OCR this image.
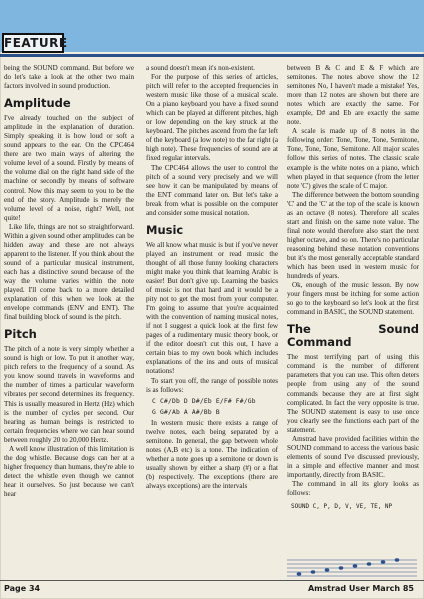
FEATURE

being the SOUND command. But before we do let's take a look at the other two main factors involved in sound production.

Amplitude

I've already touched on the subject of amplitude in the explanation of duration. Simply speaking it is how loud or soft a sound appears to the ear. On the CPC464 there are two main ways of altering the volume level of a sound. Firstly by means of the volume dial on the right hand side of the machine or secondly by means of software control. Now this may seem to you to be the end of the story. Amplitude is merely the volume level of a noise, right? Well, not quite!

Like life, things are not so straightforward. Within a given sound other amplitudes can be hidden away and these are not always apparent to the listener. If you think about the sound of a particular musical instrument, each has a distinctive sound because of the way the volume varies within the note played. I'll come back to a more detailed explanation of this when we look at the envelope commands (ENV and ENT). The final building block of sound is the pitch.

Pitch

The pitch of a note is very simply whether a sound is high or low. To put it another way, pitch refers to the frequency of a sound. As you know sound travels in waveforms and the number of times a particular waveform vibrates per second determines its frequency. This is usually measured in Hertz (Hz) which is the number of cycles per second. Our hearing as human beings is restricted to certain frequencies where we can hear sound between roughly 20 to 20,000 Hertz.

A well know illustration of this limitation is the dog whistle. Because dogs can her at a higher frequency than humans, they're able to detect the whistle even though we cannot hear it ourselves. So just because we can't hear

a sound doesn't mean it's non-existent.

For the purpose of this series of articles, pitch will refer to the accepted frequencies in western music like those of a musical scale. On a piano keyboard you have a fixed sound which can be played at different pitches, high or low depending on the key struck at the keyboard. The pitches ascend from the far left of the keyboard (a low note) to the far right (a high note). These frequencies of sound are at fixed regular intervals.

The CPC464 allows the user to control the pitch of a sound very precisely and we will see how it can be manipulated by means of the ENT command later on. But let's take a break from what is possible on the computer and consider some musical notation.

Music

We all know what music is but if you've never played an instrument or read music the thought of all those funny looking characters might make you think that learning Arabic is easier! But don't give up. Learning the basics of music is not that hard and it would be a pity not to get the most from your computer. I'm going to assume that you're acquainted with the convention of naming musical notes, if not I suggest a quick look at the first few pages of a rudimentary music theory book, or if the editor doesn't cut this out, I have a certain bias to my own book which includes explanations of the ins and outs of musical notations!

To start you off, the range of possible notes is as follows:

C C#/Db D D#/Eb E/F# F#/Gb

G G#/Ab A A#/Bb B

In western music there exists a range of twelve notes, each being separated by a semitone. In general, the gap between whole notes (A,B etc) is a tone. The indication of whether a note goes up a semitone or down is usually shown by either a sharp (#) or a flat (b) respectively. The exceptions (there are always exceptions) are the intervals

between B & C and E & F which are semitones. The notes above show the 12 semitones No, I haven't made a mistake! Yes, more than 12 notes are shown but there are notes which are exactly the same. For example, D# and Eb are exactly the same note.

A scale is made up of 8 notes in the following order: Tone, Tone, Tone, Semitone, Tone, Tone, Tone, Semitone. All major scales follow this series of notes. The classic scale example is the white notes on a piano, which when played in that sequence (from the letter note 'C') gives the scale of C major.

The difference between the bottom sounding 'C' and the 'C' at the top of the scale is known as an octave (8 notes). Therefore all scales start and finish on the same note value. The final note would therefore also start the next higher octave, and so on. There's no particular reasoning behind these notation conventions but it's the most generally acceptable standard which has been used in western music for hundreds of years.

Ok, enough of the music lesson. By now your fingers must be itching for some action so go to the keyboard so let's look at the first command in BASIC, the SOUND statement.

The Sound Command

The most terrifying part of using this command is the number of different parameters that you can use. This often deters people from using any of the sound commands because they are at first sight complicated. In fact the very opposite is true. The SOUND statement is easy to use once you clearly see the functions each part of the statement.

Amstrad have provided facilities within the SOUND command to access the various basic elements of sound I've discussed previously, in a simple and effective manner and most importantly, directly from BASIC.

The command in all its glory looks as follows:

SOUND C, P, D, V, VE, TE, NP
Page 34	Amstrad User March 85
